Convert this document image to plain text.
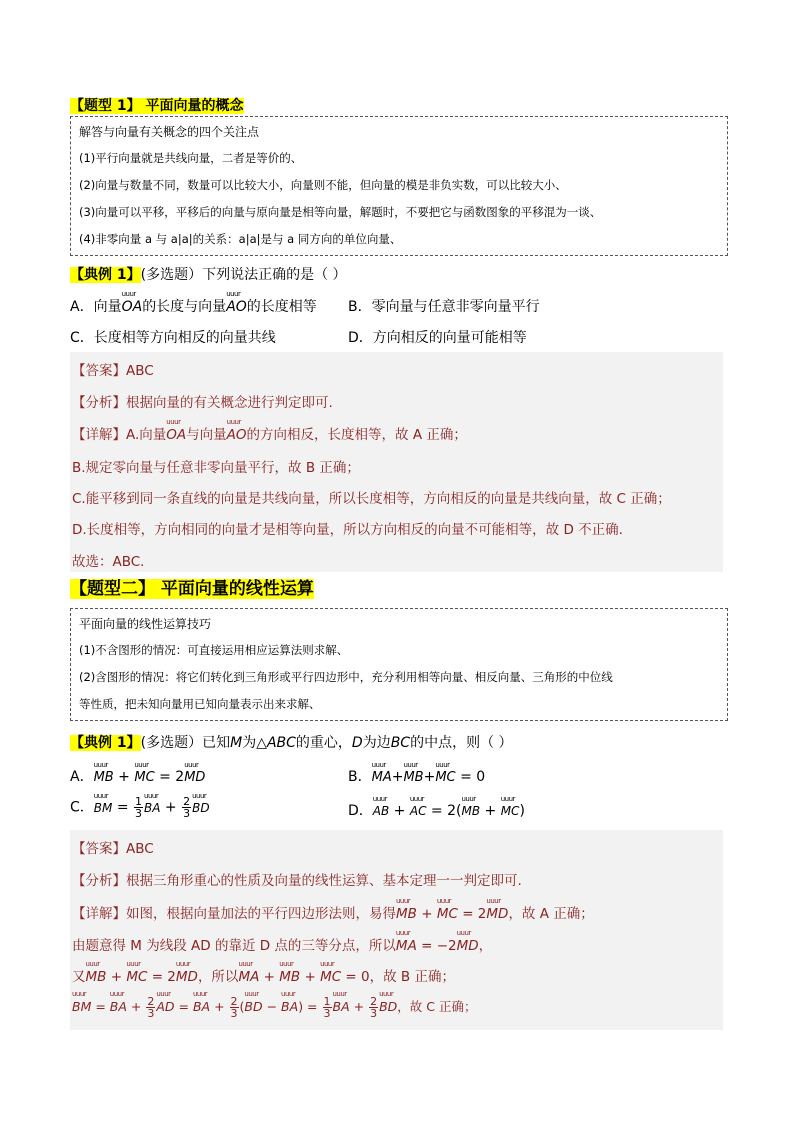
【题型 1】 平面向量的概念
解答与向量有关概念的四个关注点
(1)平行向量就是共线向量，二者是等价的、
(2)向量与数量不同，数量可以比较大小，向量则不能，但向量的模是非负实数，可以比较大小、
(3)向量可以平移，平移后的向量与原向量是相等向量，解题时，不要把它与函数图象的平移混为一谈、
(4)非零向量 a 与 a|a|的关系：a|a|是与 a 同方向的单位向量、
【典例 1】(多选题）下列说法正确的是（ ）
A．向量uuur OA的长度与向量uuur AO的长度相等 B．零向量与任意非零向量平行
C．长度相等方向相反的向量共线	D．方向相反的向量可能相等
【答案】ABC
【分析】根据向量的有关概念进行判定即可.
【详解】A.向量uuur OA与向量uuur AO的方向相反，长度相等，故 A 正确；
B.规定零向量与任意非零向量平行，故 B 正确；
C.能平移到同一条直线的向量是共线向量，所以长度相等，方向相反的向量是共线向量，故 C 正确；
D.长度相等，方向相同的向量才是相等向量，所以方向相反的向量不可能相等，故 D 不正确.
故选：ABC.
【题型二】 平面向量的线性运算
平面向量的线性运算技巧
(1)不含图形的情况：可直接运用相应运算法则求解、
(2)含图形的情况：将它们转化到三角形或平行四边形中，充分利用相等向量、相反向量、三角形的中位线
等性质，把未知向量用已知向量表示出来求解、
【典例 1】(多选题）已知M为△ABC的重心，D为边BC的中点，则（ ）
A．uuur MB + uuur MC = 2uuur MD	B．uuur MA+uuur MB+uuur MC = 0
C．uuur BM = $\frac{1}{3}$ uuur BA + $\frac{2}{3}$ uuur BD	D．uuur AB + uuur AC = 2(uuur MB + uuur MC)
【答案】ABC
【分析】根据三角形重心的性质及向量的线性运算、基本定理一一判定即可.
【详解】如图，根据向量加法的平行四边形法则，易得uuur MB + uuur MC = 2uuur MD，故 A 正确；
由题意得 M 为线段 AD 的靠近 D 点的三等分点，所以uuur MA = −2uuur MD，
又uuur MB + uuur MC = 2uuur MD，所以uuur MA + uuur MB + uuur MC = 0，故 B 正确；
uuur BM = uuur BA + $\frac{2}{3}$ uuur AD = uuur BA + $\frac{2}{3}$ (uuur BD − uuur $BA) = \frac{1}{3}$ uuur BA + $\frac{2}{3}$ uuur BD，故 C 正确；
